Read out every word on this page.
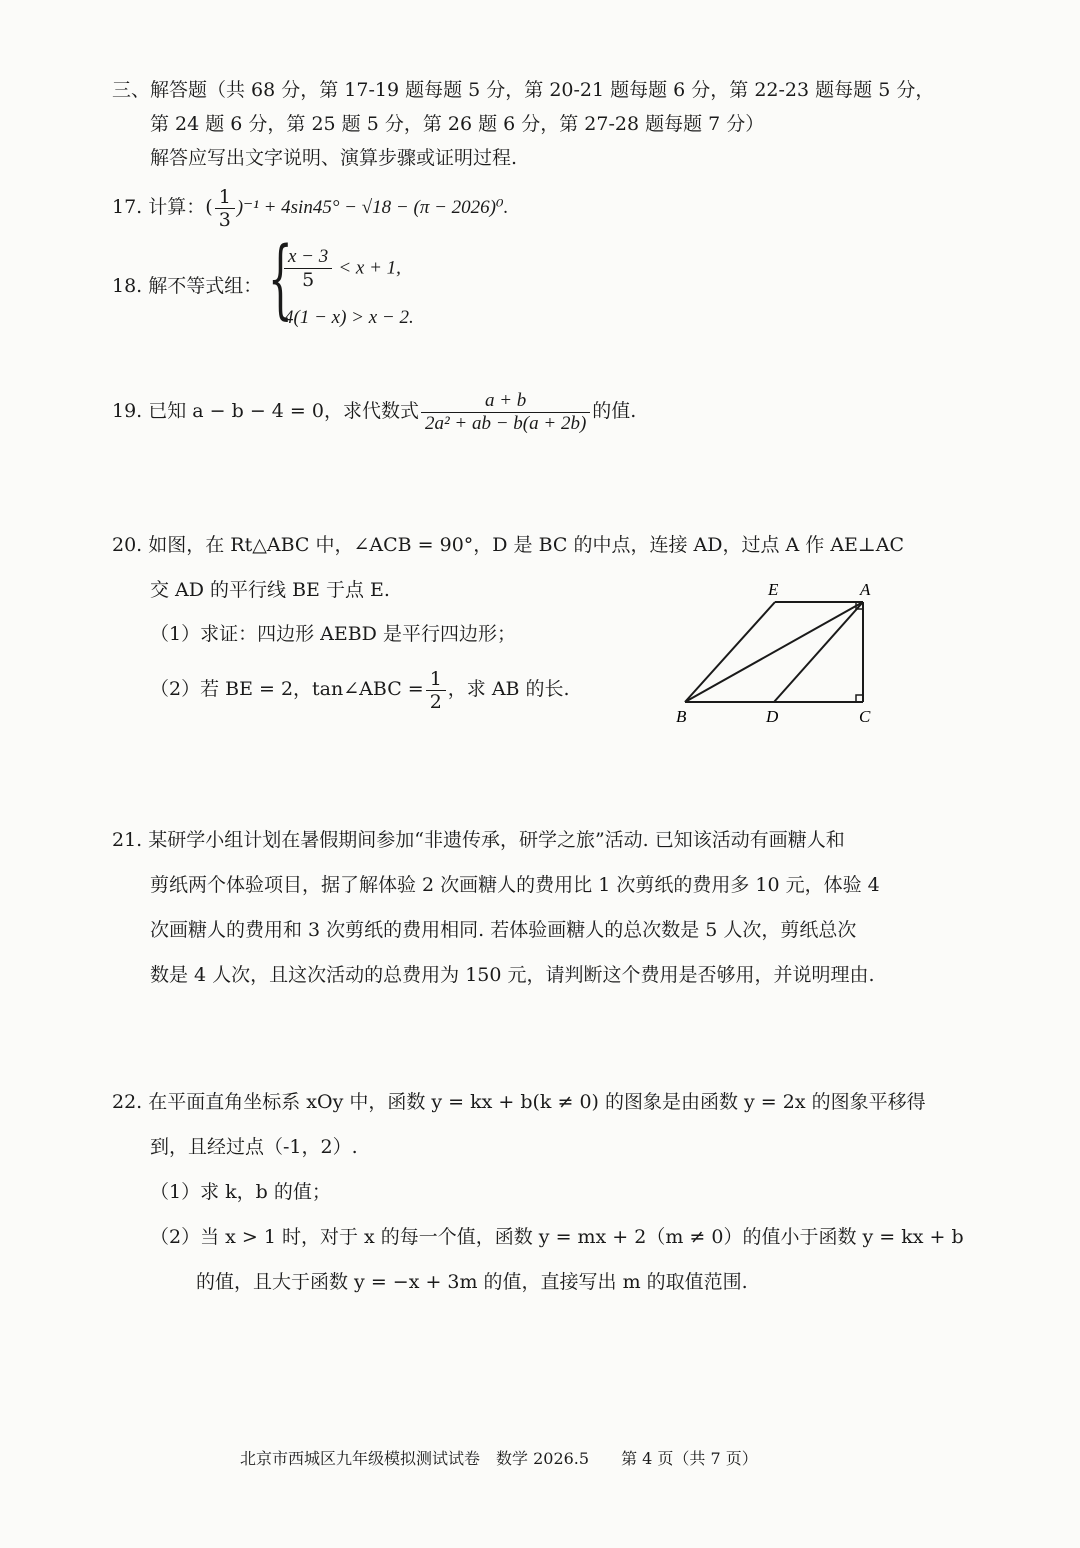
三、解答题（共 68 分，第 17-19 题每题 5 分，第 20-21 题每题 6 分，第 22-23 题每题 5 分，
第 24 题 6 分，第 25 题 5 分，第 26 题 6 分，第 27-28 题每题 7 分）
解答应写出文字说明、演算步骤或证明过程.
17. 计算：( $\frac{1}{3} )^{-1} + 4\sin 45^\circ - √18 - (\pi - 2026)^0$.
18. 解不等式组： {
$\frac{x - 3}{5} < x + 1$,
4(1 − x) > x − 2.
19. 已知 a − b − 4 = 0，求代数式 $\frac{a + b}{\text{2a² + ab − b(a + 2b)}}$ 的值.
20. 如图，在 Rt△ABC 中，∠ACB = 90°，D 是 BC 的中点，连接 AD，过点 A 作 AE⊥AC
交 AD 的平行线 BE 于点 E.
（1）求证：四边形 AEBD 是平行四边形；
（2）若 BE = 2，tan∠ABC = $\frac{1}{2}$ ，求 AB 的长.
E	A
B	D	C
21. 某研学小组计划在暑假期间参加“非遗传承，研学之旅”活动. 已知该活动有画糖人和
剪纸两个体验项目，据了解体验 2 次画糖人的费用比 1 次剪纸的费用多 10 元，体验 4
次画糖人的费用和 3 次剪纸的费用相同. 若体验画糖人的总次数是 5 人次，剪纸总次
数是 4 人次，且这次活动的总费用为 150 元，请判断这个费用是否够用，并说明理由.
22. 在平面直角坐标系 xOy 中，函数 y = kx + b(k ≠ 0) 的图象是由函数 y = 2x 的图象平移得
到，且经过点（-1，2）.
（1）求 k，b 的值；
（2）当 x > 1 时，对于 x 的每一个值，函数 y = mx + 2（m ≠ 0）的值小于函数 y = kx + b
的值，且大于函数 y = −x + 3m 的值，直接写出 m 的取值范围.
北京市西城区九年级模拟测试试卷　数学 2026.5　　第 4 页（共 7 页）
